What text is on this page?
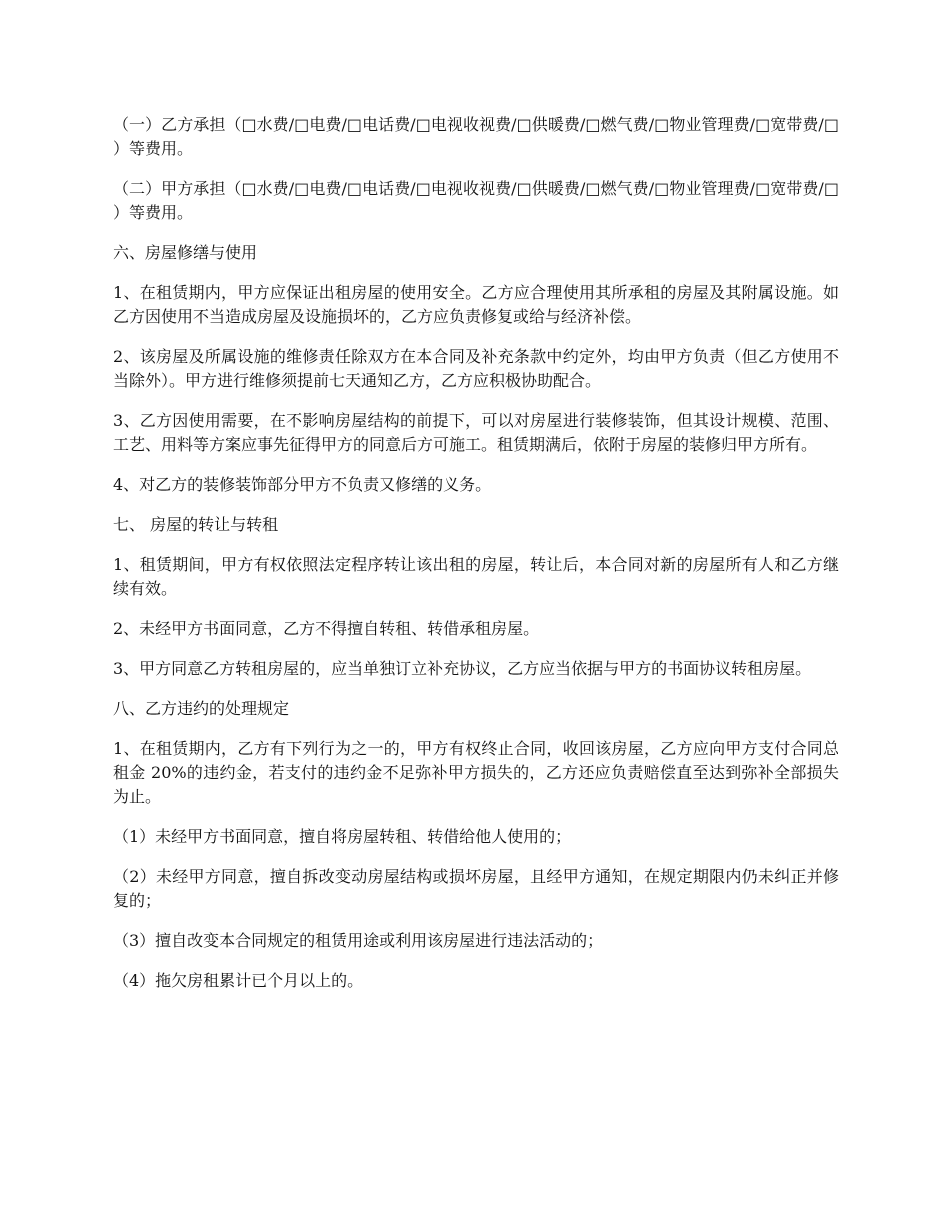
（一）乙方承担（□水费/□电费/□电话费/□电视收视费/□供暖费/□燃气费/□物业管理费/□宽带费/□ ）等费用。

（二）甲方承担（□水费/□电费/□电话费/□电视收视费/□供暖费/□燃气费/□物业管理费/□宽带费/□ ）等费用。

六、房屋修缮与使用

1、在租赁期内，甲方应保证出租房屋的使用安全。乙方应合理使用其所承租的房屋及其附属设施。如乙方因使用不当造成房屋及设施损坏的，乙方应负责修复或给与经济补偿。

2、该房屋及所属设施的维修责任除双方在本合同及补充条款中约定外，均由甲方负责（但乙方使用不当除外）。甲方进行维修须提前七天通知乙方，乙方应积极协助配合。

3、乙方因使用需要，在不影响房屋结构的前提下，可以对房屋进行装修装饰，但其设计规模、范围、工艺、用料等方案应事先征得甲方的同意后方可施工。租赁期满后，依附于房屋的装修归甲方所有。

4、对乙方的装修装饰部分甲方不负责又修缮的义务。

七、 房屋的转让与转租

1、租赁期间，甲方有权依照法定程序转让该出租的房屋，转让后，本合同对新的房屋所有人和乙方继续有效。

2、未经甲方书面同意，乙方不得擅自转租、转借承租房屋。

3、甲方同意乙方转租房屋的，应当单独订立补充协议，乙方应当依据与甲方的书面协议转租房屋。

八、乙方违约的处理规定

1、在租赁期内，乙方有下列行为之一的，甲方有权终止合同，收回该房屋，乙方应向甲方支付合同总租金 20%的违约金，若支付的违约金不足弥补甲方损失的，乙方还应负责赔偿直至达到弥补全部损失为止。

（1）未经甲方书面同意，擅自将房屋转租、转借给他人使用的；

（2）未经甲方同意，擅自拆改变动房屋结构或损坏房屋，且经甲方通知，在规定期限内仍未纠正并修复的；

（3）擅自改变本合同规定的租赁用途或利用该房屋进行违法活动的；

（4）拖欠房租累计已个月以上的。
